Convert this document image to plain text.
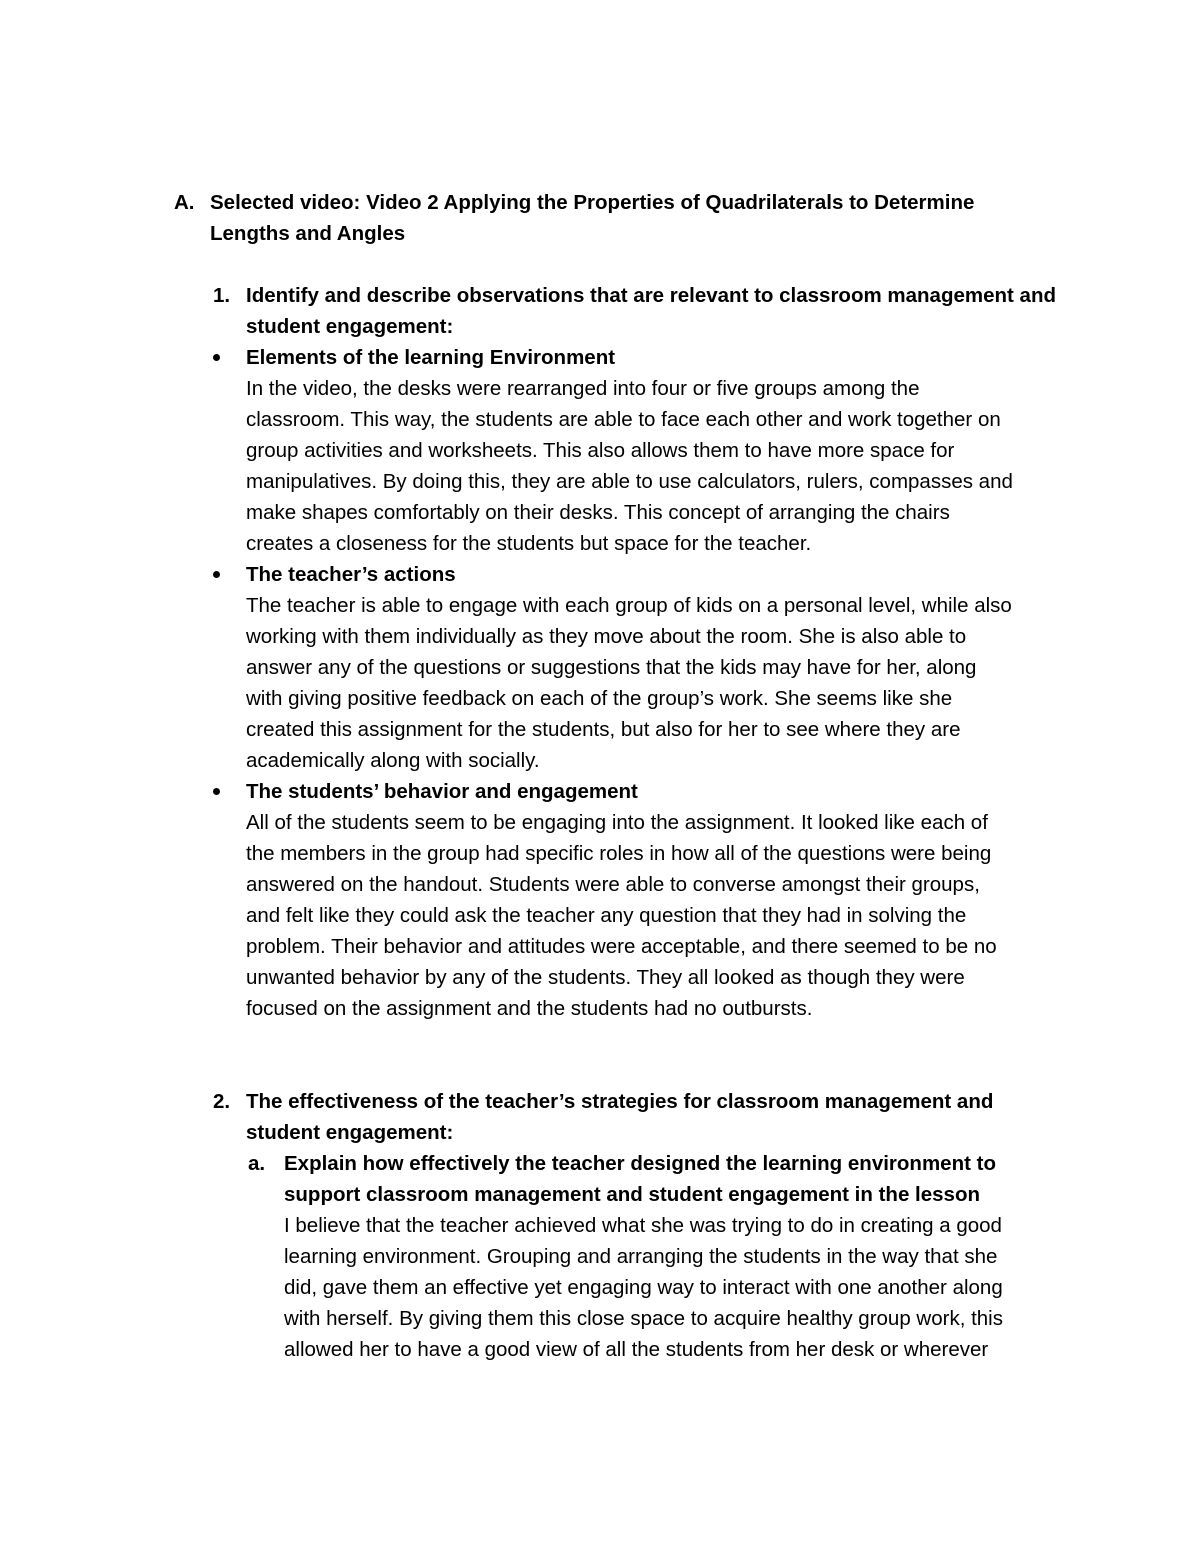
A. Selected video: Video 2 Applying the Properties of Quadrilaterals to Determine
Lengths and Angles
1. Identify and describe observations that are relevant to classroom management and
student engagement:
Elements of the learning Environment
In the video, the desks were rearranged into four or five groups among the
classroom. This way, the students are able to face each other and work together on
group activities and worksheets. This also allows them to have more space for
manipulatives. By doing this, they are able to use calculators, rulers, compasses and
make shapes comfortably on their desks. This concept of arranging the chairs
creates a closeness for the students but space for the teacher.
The teacher’s actions
The teacher is able to engage with each group of kids on a personal level, while also
working with them individually as they move about the room. She is also able to
answer any of the questions or suggestions that the kids may have for her, along
with giving positive feedback on each of the group’s work. She seems like she
created this assignment for the students, but also for her to see where they are
academically along with socially.
The students’ behavior and engagement
All of the students seem to be engaging into the assignment. It looked like each of
the members in the group had specific roles in how all of the questions were being
answered on the handout. Students were able to converse amongst their groups,
and felt like they could ask the teacher any question that they had in solving the
problem. Their behavior and attitudes were acceptable, and there seemed to be no
unwanted behavior by any of the students. They all looked as though they were
focused on the assignment and the students had no outbursts.
2. The effectiveness of the teacher’s strategies for classroom management and
student engagement:
a. Explain how effectively the teacher designed the learning environment to
support classroom management and student engagement in the lesson
I believe that the teacher achieved what she was trying to do in creating a good
learning environment. Grouping and arranging the students in the way that she
did, gave them an effective yet engaging way to interact with one another along
with herself. By giving them this close space to acquire healthy group work, this
allowed her to have a good view of all the students from her desk or wherever
